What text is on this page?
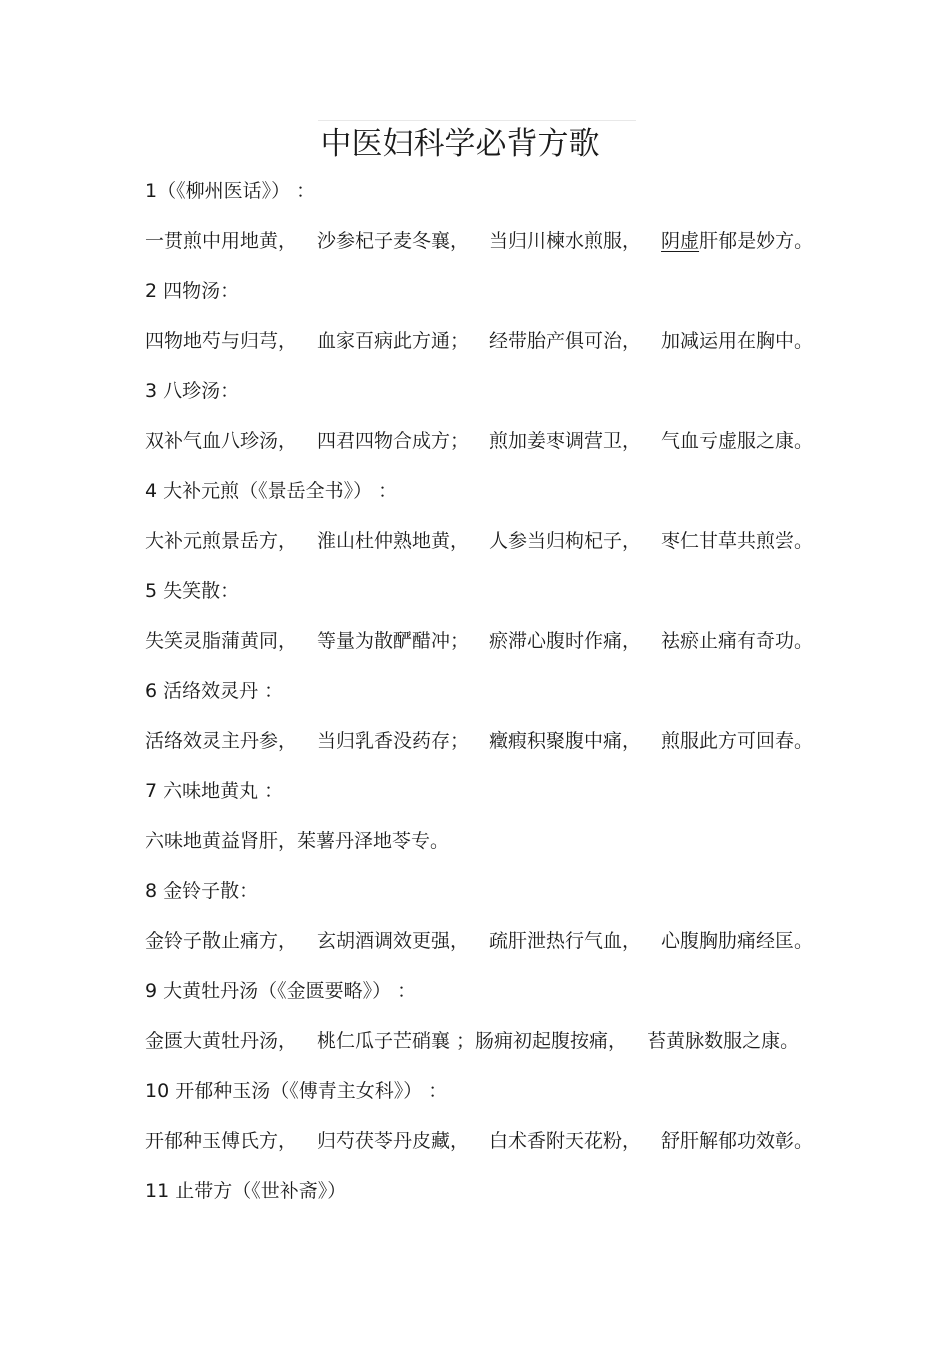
中医妇科学必背方歌
1（《柳州医话》） ：
一贯煎中用地黄， 沙参杞子麦冬襄， 当归川楝水煎服， 阴虚肝郁是妙方。
2 四物汤：
四物地芍与归芎， 血家百病此方通； 经带胎产俱可治， 加减运用在胸中。
3 八珍汤：
双补气血八珍汤， 四君四物合成方； 煎加姜枣调营卫， 气血亏虚服之康。
4 大补元煎（《景岳全书》） ：
大补元煎景岳方， 淮山杜仲熟地黄， 人参当归枸杞子， 枣仁甘草共煎尝。
5 失笑散：
失笑灵脂蒲黄同， 等量为散酽醋冲； 瘀滞心腹时作痛， 祛瘀止痛有奇功。
6 活络效灵丹 ：
活络效灵主丹参， 当归乳香没药存； 癥瘕积聚腹中痛， 煎服此方可回春。
7 六味地黄丸 ：
六味地黄益肾肝，茱薯丹泽地苓专。
8 金铃子散：
金铃子散止痛方， 玄胡酒调效更强， 疏肝泄热行气血， 心腹胸肋痛经匡。
9 大黄牡丹汤（《金匮要略》） ：
金匮大黄牡丹汤， 桃仁瓜子芒硝襄 ；肠痈初起腹按痛， 苔黄脉数服之康。
10 开郁种玉汤（《傅青主女科》） ：
开郁种玉傅氏方， 归芍茯苓丹皮藏， 白术香附天花粉， 舒肝解郁功效彰。
11 止带方（《世补斋》）
